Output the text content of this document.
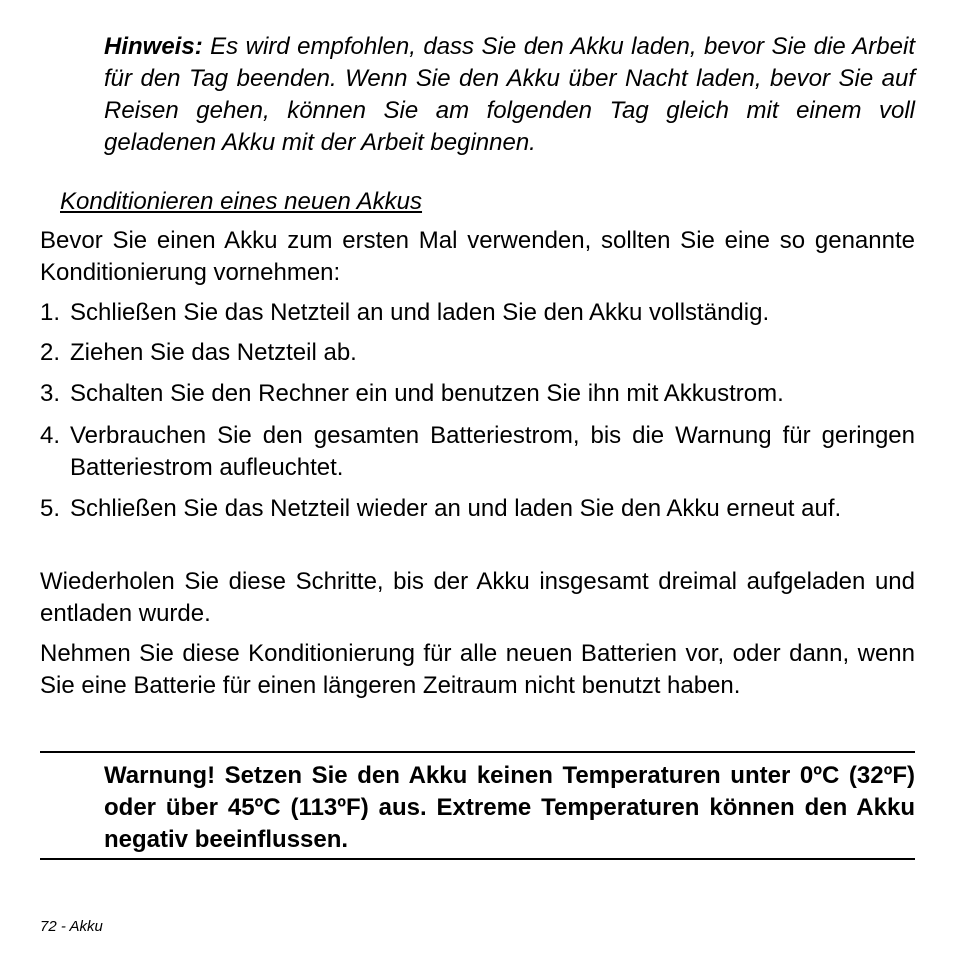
Hinweis: Es wird empfohlen, dass Sie den Akku laden, bevor Sie die Arbeit für den Tag beenden. Wenn Sie den Akku über Nacht laden, bevor Sie auf Reisen gehen, können Sie am folgenden Tag gleich mit einem voll geladenen Akku mit der Arbeit beginnen.
Konditionieren eines neuen Akkus
Bevor Sie einen Akku zum ersten Mal verwenden, sollten Sie eine so genannte Konditionierung vornehmen:
1. Schließen Sie das Netzteil an und laden Sie den Akku vollständig.
2. Ziehen Sie das Netzteil ab.
3. Schalten Sie den Rechner ein und benutzen Sie ihn mit Akkustrom.
4. Verbrauchen Sie den gesamten Batteriestrom, bis die Warnung für geringen Batteriestrom aufleuchtet.
5. Schließen Sie das Netzteil wieder an und laden Sie den Akku erneut auf.
Wiederholen Sie diese Schritte, bis der Akku insgesamt dreimal aufgeladen und entladen wurde.
Nehmen Sie diese Konditionierung für alle neuen Batterien vor, oder dann, wenn Sie eine Batterie für einen längeren Zeitraum nicht benutzt haben.
Warnung! Setzen Sie den Akku keinen Temperaturen unter 0ºC (32ºF) oder über 45ºC (113ºF) aus. Extreme Temperaturen können den Akku negativ beeinflussen.
72 - Akku
